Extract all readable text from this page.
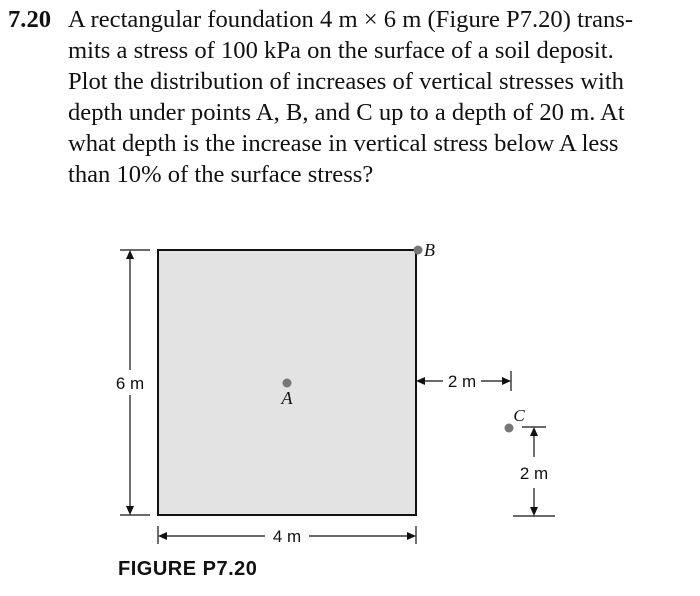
7.20 A rectangular foundation 4 m × 6 m (Figure P7.20) trans-
mits a stress of 100 kPa on the surface of a soil deposit.
Plot the distribution of increases of vertical stresses with
depth under points A, B, and C up to a depth of 20 m. At
what depth is the increase in vertical stress below A less
than 10% of the surface stress?
6 m
4 m
A
B
2 m
C
2 m
FIGURE P7.20
